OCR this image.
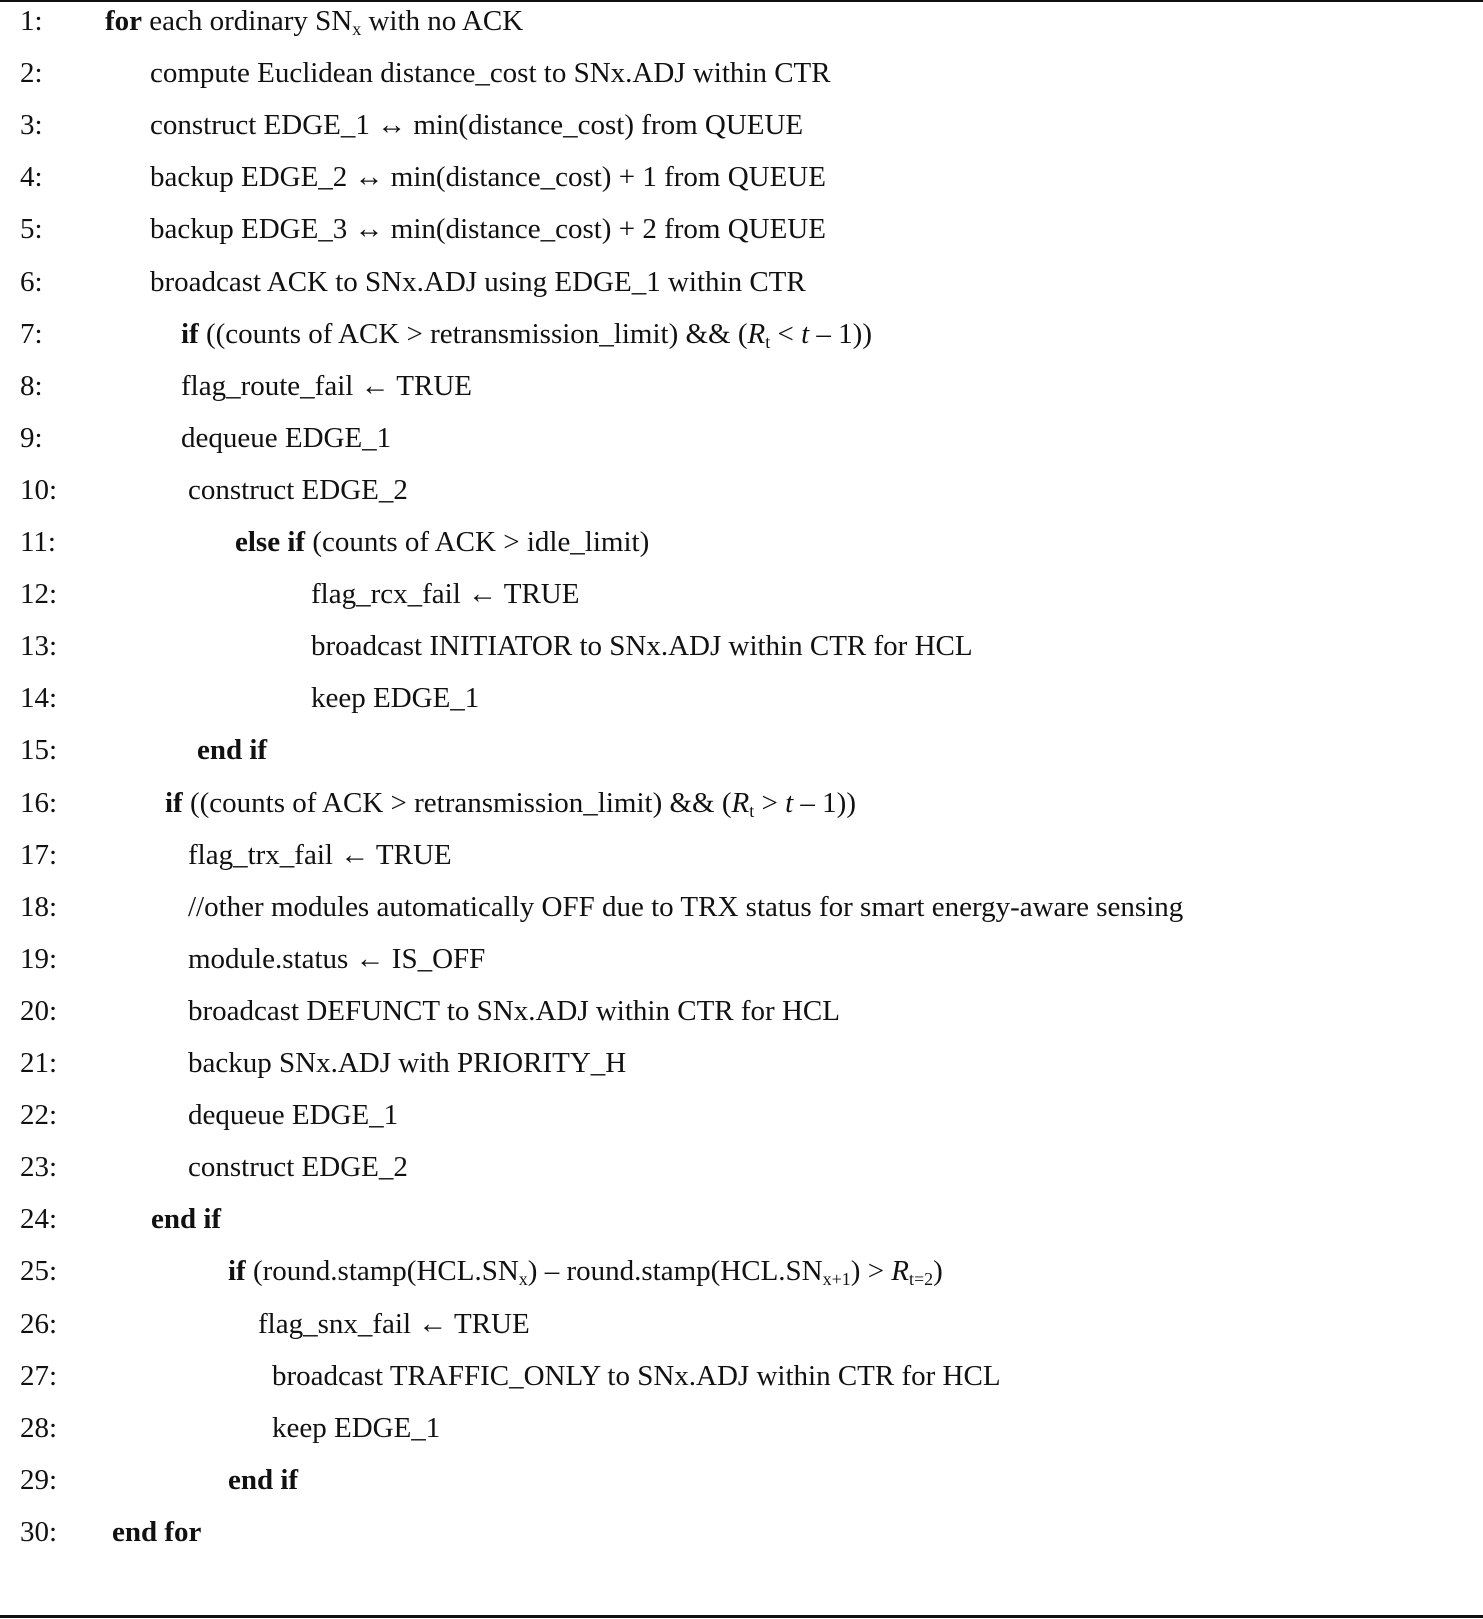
1: for each ordinary $SN_x$ with no ACK
2:	compute Euclidean distance_cost to SNx.ADJ within CTR
3:	construct EDGE_1 ↔ min(distance_cost) from QUEUE
4:	backup EDGE_2 ↔ min(distance_cost) + 1 from QUEUE
5:	backup EDGE_3 ↔ min(distance_cost) + 2 from QUEUE
6:	broadcast ACK to SNx.ADJ using EDGE_1 within CTR
7:	if ((counts of ACK > retransmission_limit) && $(R_t < t - 1)$)
8:	flag_route_fail ← TRUE
9:	dequeue EDGE_1
10:	construct EDGE_2
11:	else if (counts of ACK > idle_limit)
12:	flag_rcx_fail ← TRUE
13:	broadcast INITIATOR to SNx.ADJ within CTR for HCL
14:	keep EDGE_1
15:	end if
16:	if ((counts of ACK > retransmission_limit) && $(R_t > t - 1)$)
17:	flag_trx_fail ← TRUE
18:	//other modules automatically OFF due to TRX status for smart energy-aware sensing
19:	module.status ← IS_OFF
20:	broadcast DEFUNCT to SNx.ADJ within CTR for HCL
21:	backup SNx.ADJ with PRIORITY_H
22:	dequeue EDGE_1
23:	construct EDGE_2
24:	end if
25:	if ($round.stamp(HCL.SN_x)$ – $round.stamp(HCL.SN_{x+1}) > R_{t=2}$)
26:	flag_snx_fail ← TRUE
27:	broadcast TRAFFIC_ONLY to SNx.ADJ within CTR for HCL
28:	keep EDGE_1
29:	end if
30: end for
